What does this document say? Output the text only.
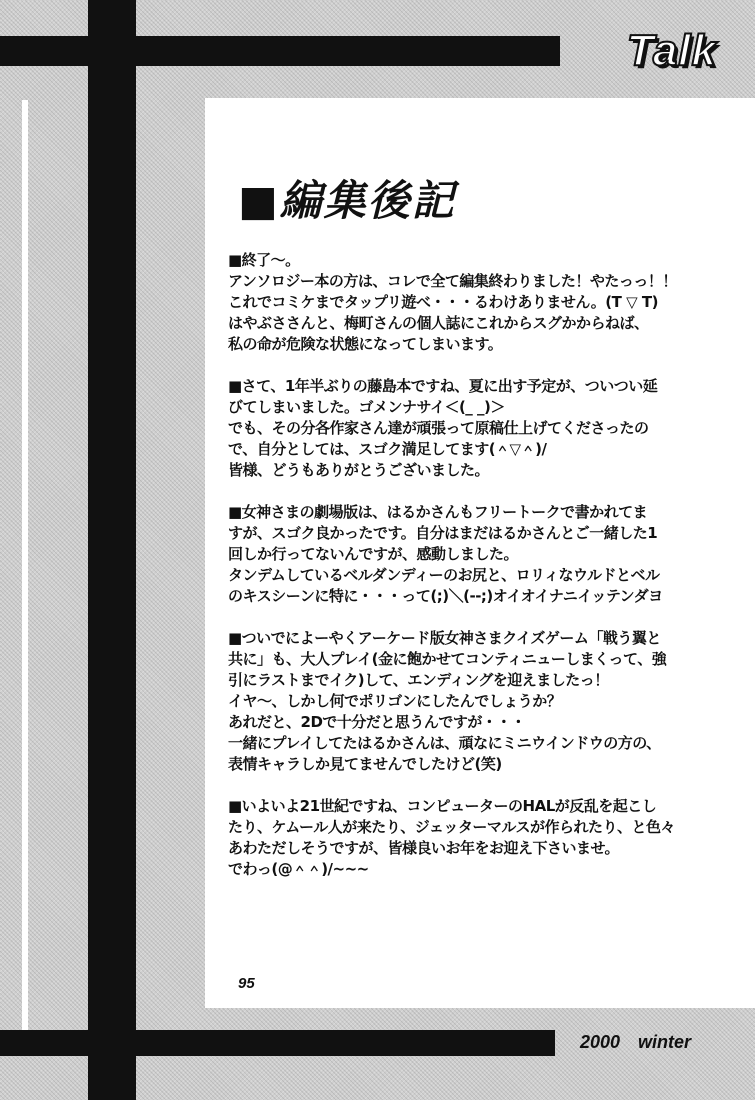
Talk
■編集後記

■終了～。
アンソロジー本の方は、コレで全て編集終わりました！やたっっ！！
これでコミケまでタップリ遊べ・・・るわけありません。(T ▽ T)
はやぶささんと、梅町さんの個人誌にこれからスグかからねば、
私の命が危険な状態になってしまいます。

■さて、1年半ぶりの藤島本ですね、夏に出す予定が、ついつい延
びてしまいました。ゴメンナサイ＜(_ _)＞
でも、その分各作家さん達が頑張って原稿仕上げてくださったの
で、自分としては、スゴク満足してます(＾▽＾)/
皆様、どうもありがとうございました。

■女神さまの劇場版は、はるかさんもフリートークで書かれてま
すが、スゴク良かったです。自分はまだはるかさんとご一緒した1
回しか行ってないんですが、感動しました。
タンデムしているベルダンディーのお尻と、ロリィなウルドとベル
のキスシーンに特に・・・って(;)＼(--;)オイオイナニイッテンダヨ

■ついでによーやくアーケード版女神さまクイズゲーム「戦う翼と
共に」も、大人プレイ(金に飽かせてコンティニューしまくって、強
引にラストまでイク)して、エンディングを迎えましたっ！
イヤ～、しかし何でポリゴンにしたんでしょうか？
あれだと、2Dで十分だと思うんですが・・・
一緒にプレイしてたはるかさんは、頑なにミニウインドウの方の、
表情キャラしか見てませんでしたけど(笑)

■いよいよ21世紀ですね、コンピューターのHALが反乱を起こし
たり、ケムール人が来たり、ジェッターマルスが作られたり、と色々
あわただしそうですが、皆様良いお年をお迎え下さいませ。
でわっ(@＾＾)/~~~

95

2000 winter
